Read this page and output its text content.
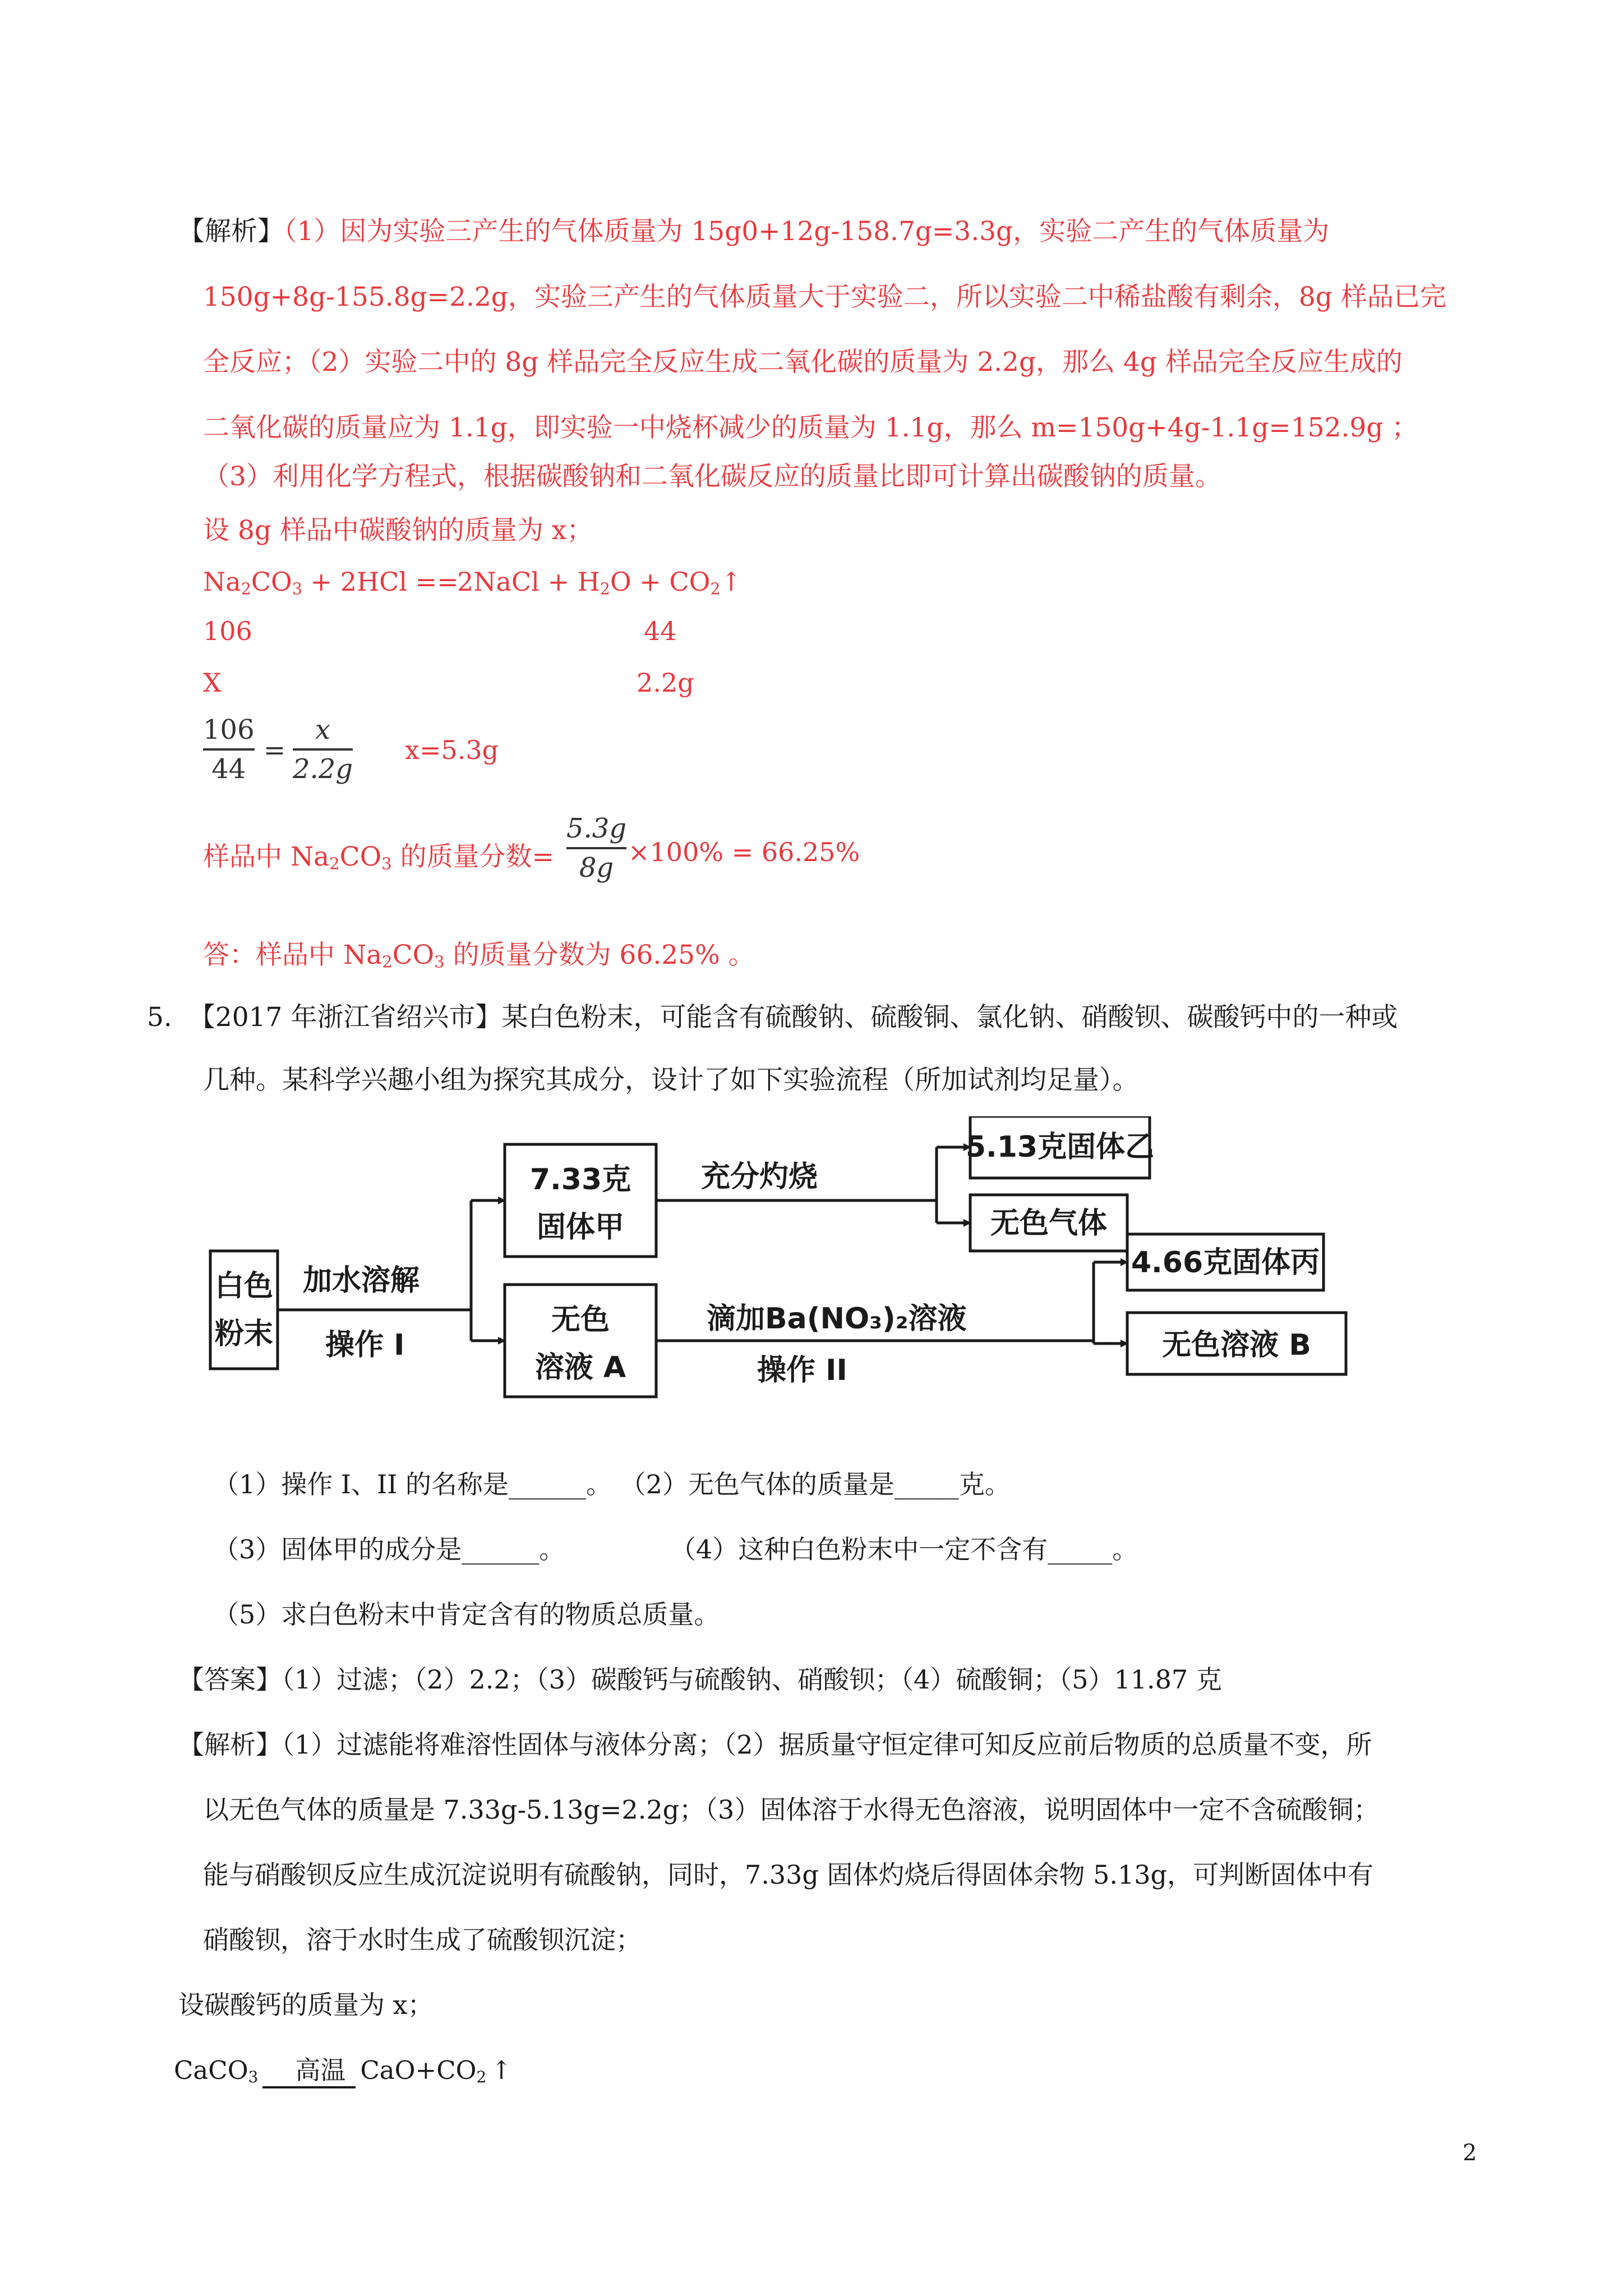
【解析】（1）因为实验三产生的气体质量为 15g0+12g-158.7g=3.3g，实验二产生的气体质量为
150g+8g-155.8g=2.2g，实验三产生的气体质量大于实验二，所以实验二中稀盐酸有剩余，8g 样品已完
全反应；（2）实验二中的 8g 样品完全反应生成二氧化碳的质量为 2.2g，那么 4g 样品完全反应生成的
二氧化碳的质量应为 1.1g，即实验一中烧杯减少的质量为 1.1g，那么 m=150g+4g-1.1g=152.9g ；
（3）利用化学方程式，根据碳酸钠和二氧化碳反应的质量比即可计算出碳酸钠的质量。
设 8g 样品中碳酸钠的质量为 x；
$Na_2CO_3 + 2HCl$ ==
2NaCl + $H_2O$ + $CO_2↑$
106	44
X	2.2g
106
44
=
x
2.2g
x=5.3g
样品中 $Na_2CO_3$ 的质量分数=
5.3g
8g ×100% = 66.25%
答：样品中 $Na_2CO_3$ 的质量分数为 66.25% 。
5. 【2017 年浙江省绍兴市】某白色粉末，可能含有硫酸钠、硫酸铜、氯化钠、硝酸钡、碳酸钙中的一种或
几种。某科学兴趣小组为探究其成分，设计了如下实验流程（所加试剂均足量）。
白色
粉末
加水溶解
操作 I
7.33克
固体甲
充分灼烧
5.13克固体乙
无色气体
无色
溶液 A
滴加Ba(NO₃)₂溶液
操作 II
4.66克固体丙
无色溶液 B
（1）操作 I、II 的名称是______。 （2）无色气体的质量是_____克。
（3）固体甲的成分是______。	（4）这种白色粉末中一定不含有_____。
（5）求白色粉末中肯定含有的物质总质量。
【答案】（1）过滤；（2）2.2；（3）碳酸钙与硫酸钠、硝酸钡；（4）硫酸铜；（5）11.87 克
【解析】（1）过滤能将难溶性固体与液体分离；（2）据质量守恒定律可知反应前后物质的总质量不变，所
以无色气体的质量是 7.33g-5.13g=2.2g；（3）固体溶于水得无色溶液，说明固体中一定不含硫酸铜；
能与硝酸钡反应生成沉淀说明有硫酸钠，同时，7.33g 固体灼烧后得固体余物 5.13g，可判断固体中有
硝酸钡，溶于水时生成了硫酸钡沉淀；
设碳酸钙的质量为 x；
CaCO$_3$ 高温 $CaO+CO_2$ ↑
2
